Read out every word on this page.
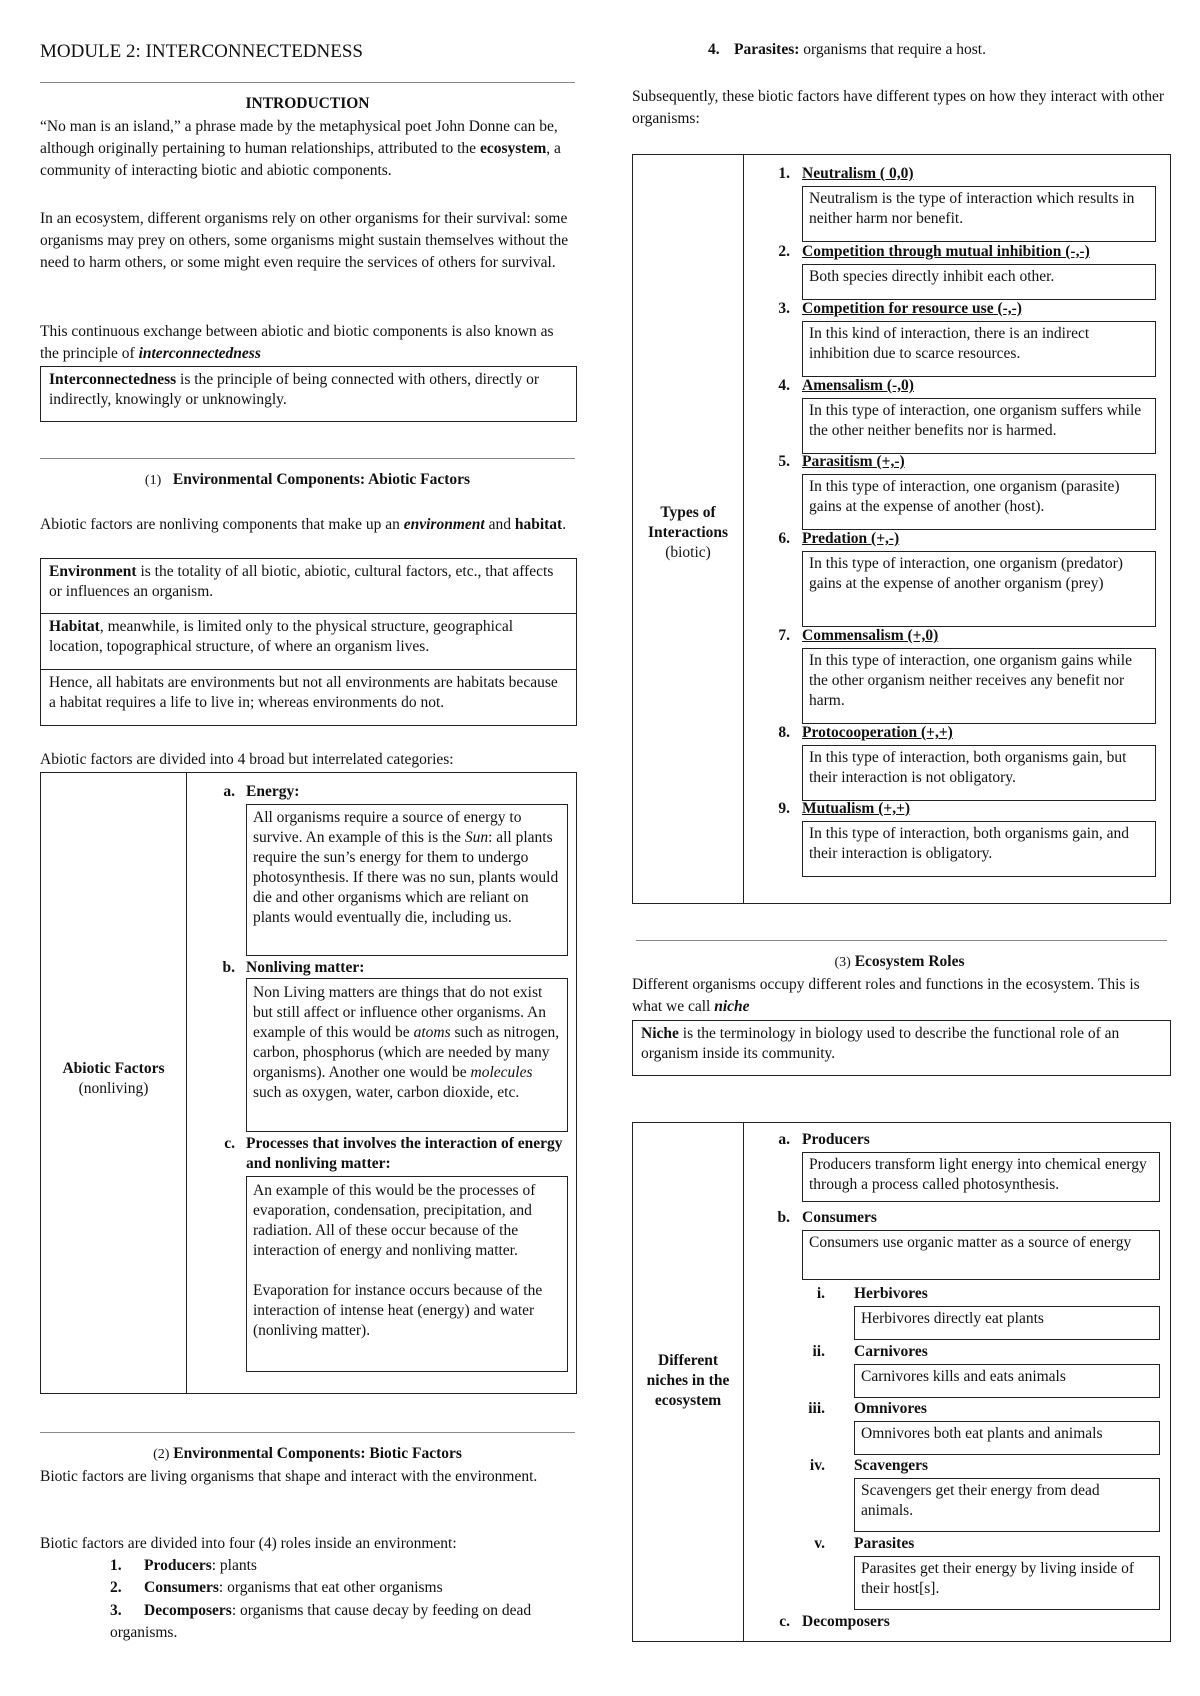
MODULE 2: INTERCONNECTEDNESS
INTRODUCTION

“No man is an island,” a phrase made by the metaphysical poet John Donne can be, although originally pertaining to human relationships, attributed to the ecosystem, a community of interacting biotic and abiotic components.

In an ecosystem, different organisms rely on other organisms for their survival: some organisms may prey on others, some organisms might sustain themselves without the need to harm others, or some might even require the services of others for survival.

This continuous exchange between abiotic and biotic components is also known as the principle of interconnectedness

Interconnectedness is the principle of being connected with others, directly or indirectly, knowingly or unknowingly.
(1) Environmental Components: Abiotic Factors

Abiotic factors are nonliving components that make up an environment and habitat.

Environment is the totality of all biotic, abiotic, cultural factors, etc., that affects or influences an organism.
Habitat, meanwhile, is limited only to the physical structure, geographical location, topographical structure, of where an organism lives.
Hence, all habitats are environments but not all environments are habitats because a habitat requires a life to live in; whereas environments do not.

Abiotic factors are divided into 4 broad but interrelated categories:

Abiotic Factors
(nonliving)
a. Energy:
All organisms require a source of energy to survive. An example of this is the Sun: all plants require the sun’s energy for them to undergo photosynthesis. If there was no sun, plants would die and other organisms which are reliant on plants would eventually die, including us.
b. Nonliving matter:
Non Living matters are things that do not exist but still affect or influence other organisms. An example of this would be atoms such as nitrogen, carbon, phosphorus (which are needed by many organisms). Another one would be molecules such as oxygen, water, carbon dioxide, etc.
c. Processes that involves the interaction of energy and nonliving matter:
An example of this would be the processes of evaporation, condensation, precipitation, and radiation. All of these occur because of the interaction of energy and nonliving matter.
Evaporation for instance occurs because of the interaction of intense heat (energy) and water (nonliving matter).
(2) Environmental Components: Biotic Factors

Biotic factors are living organisms that shape and interact with the environment.

Biotic factors are divided into four (4) roles inside an environment:

1. Producers: plants
2. Consumers: organisms that eat other organisms
3. Decomposers: organisms that cause decay by feeding on dead organisms.
4. Parasites: organisms that require a host.

Subsequently, these biotic factors have different types on how they interact with other organisms:

Types of
Interactions
(biotic)
1. Neutralism ( 0,0)
Neutralism is the type of interaction which results in neither harm nor benefit.
2. Competition through mutual inhibition (-,-)
Both species directly inhibit each other.
3. Competition for resource use (-,-)
In this kind of interaction, there is an indirect inhibition due to scarce resources.
4. Amensalism (-,0)
In this type of interaction, one organism suffers while the other neither benefits nor is harmed.
5. Parasitism (+,-)
In this type of interaction, one organism (parasite) gains at the expense of another (host).
6. Predation (+,-)
In this type of interaction, one organism (predator) gains at the expense of another organism (prey)
7. Commensalism (+,0)
In this type of interaction, one organism gains while the other organism neither receives any benefit nor harm.
8. Protocooperation (+,+)
In this type of interaction, both organisms gain, but their interaction is not obligatory.
9. Mutualism (+,+)
In this type of interaction, both organisms gain, and their interaction is obligatory.
(3) Ecosystem Roles

Different organisms occupy different roles and functions in the ecosystem. This is what we call niche

Niche is the terminology in biology used to describe the functional role of an organism inside its community.
Different
niches in the
ecosystem
a. Producers
Producers transform light energy into chemical energy through a process called photosynthesis.
b. Consumers
Consumers use organic matter as a source of energy
i. Herbivores
Herbivores directly eat plants
ii. Carnivores
Carnivores kills and eats animals
iii. Omnivores
Omnivores both eat plants and animals
iv. Scavengers
Scavengers get their energy from dead animals.
v. Parasites
Parasites get their energy by living inside of their host[s].
c. Decomposers
